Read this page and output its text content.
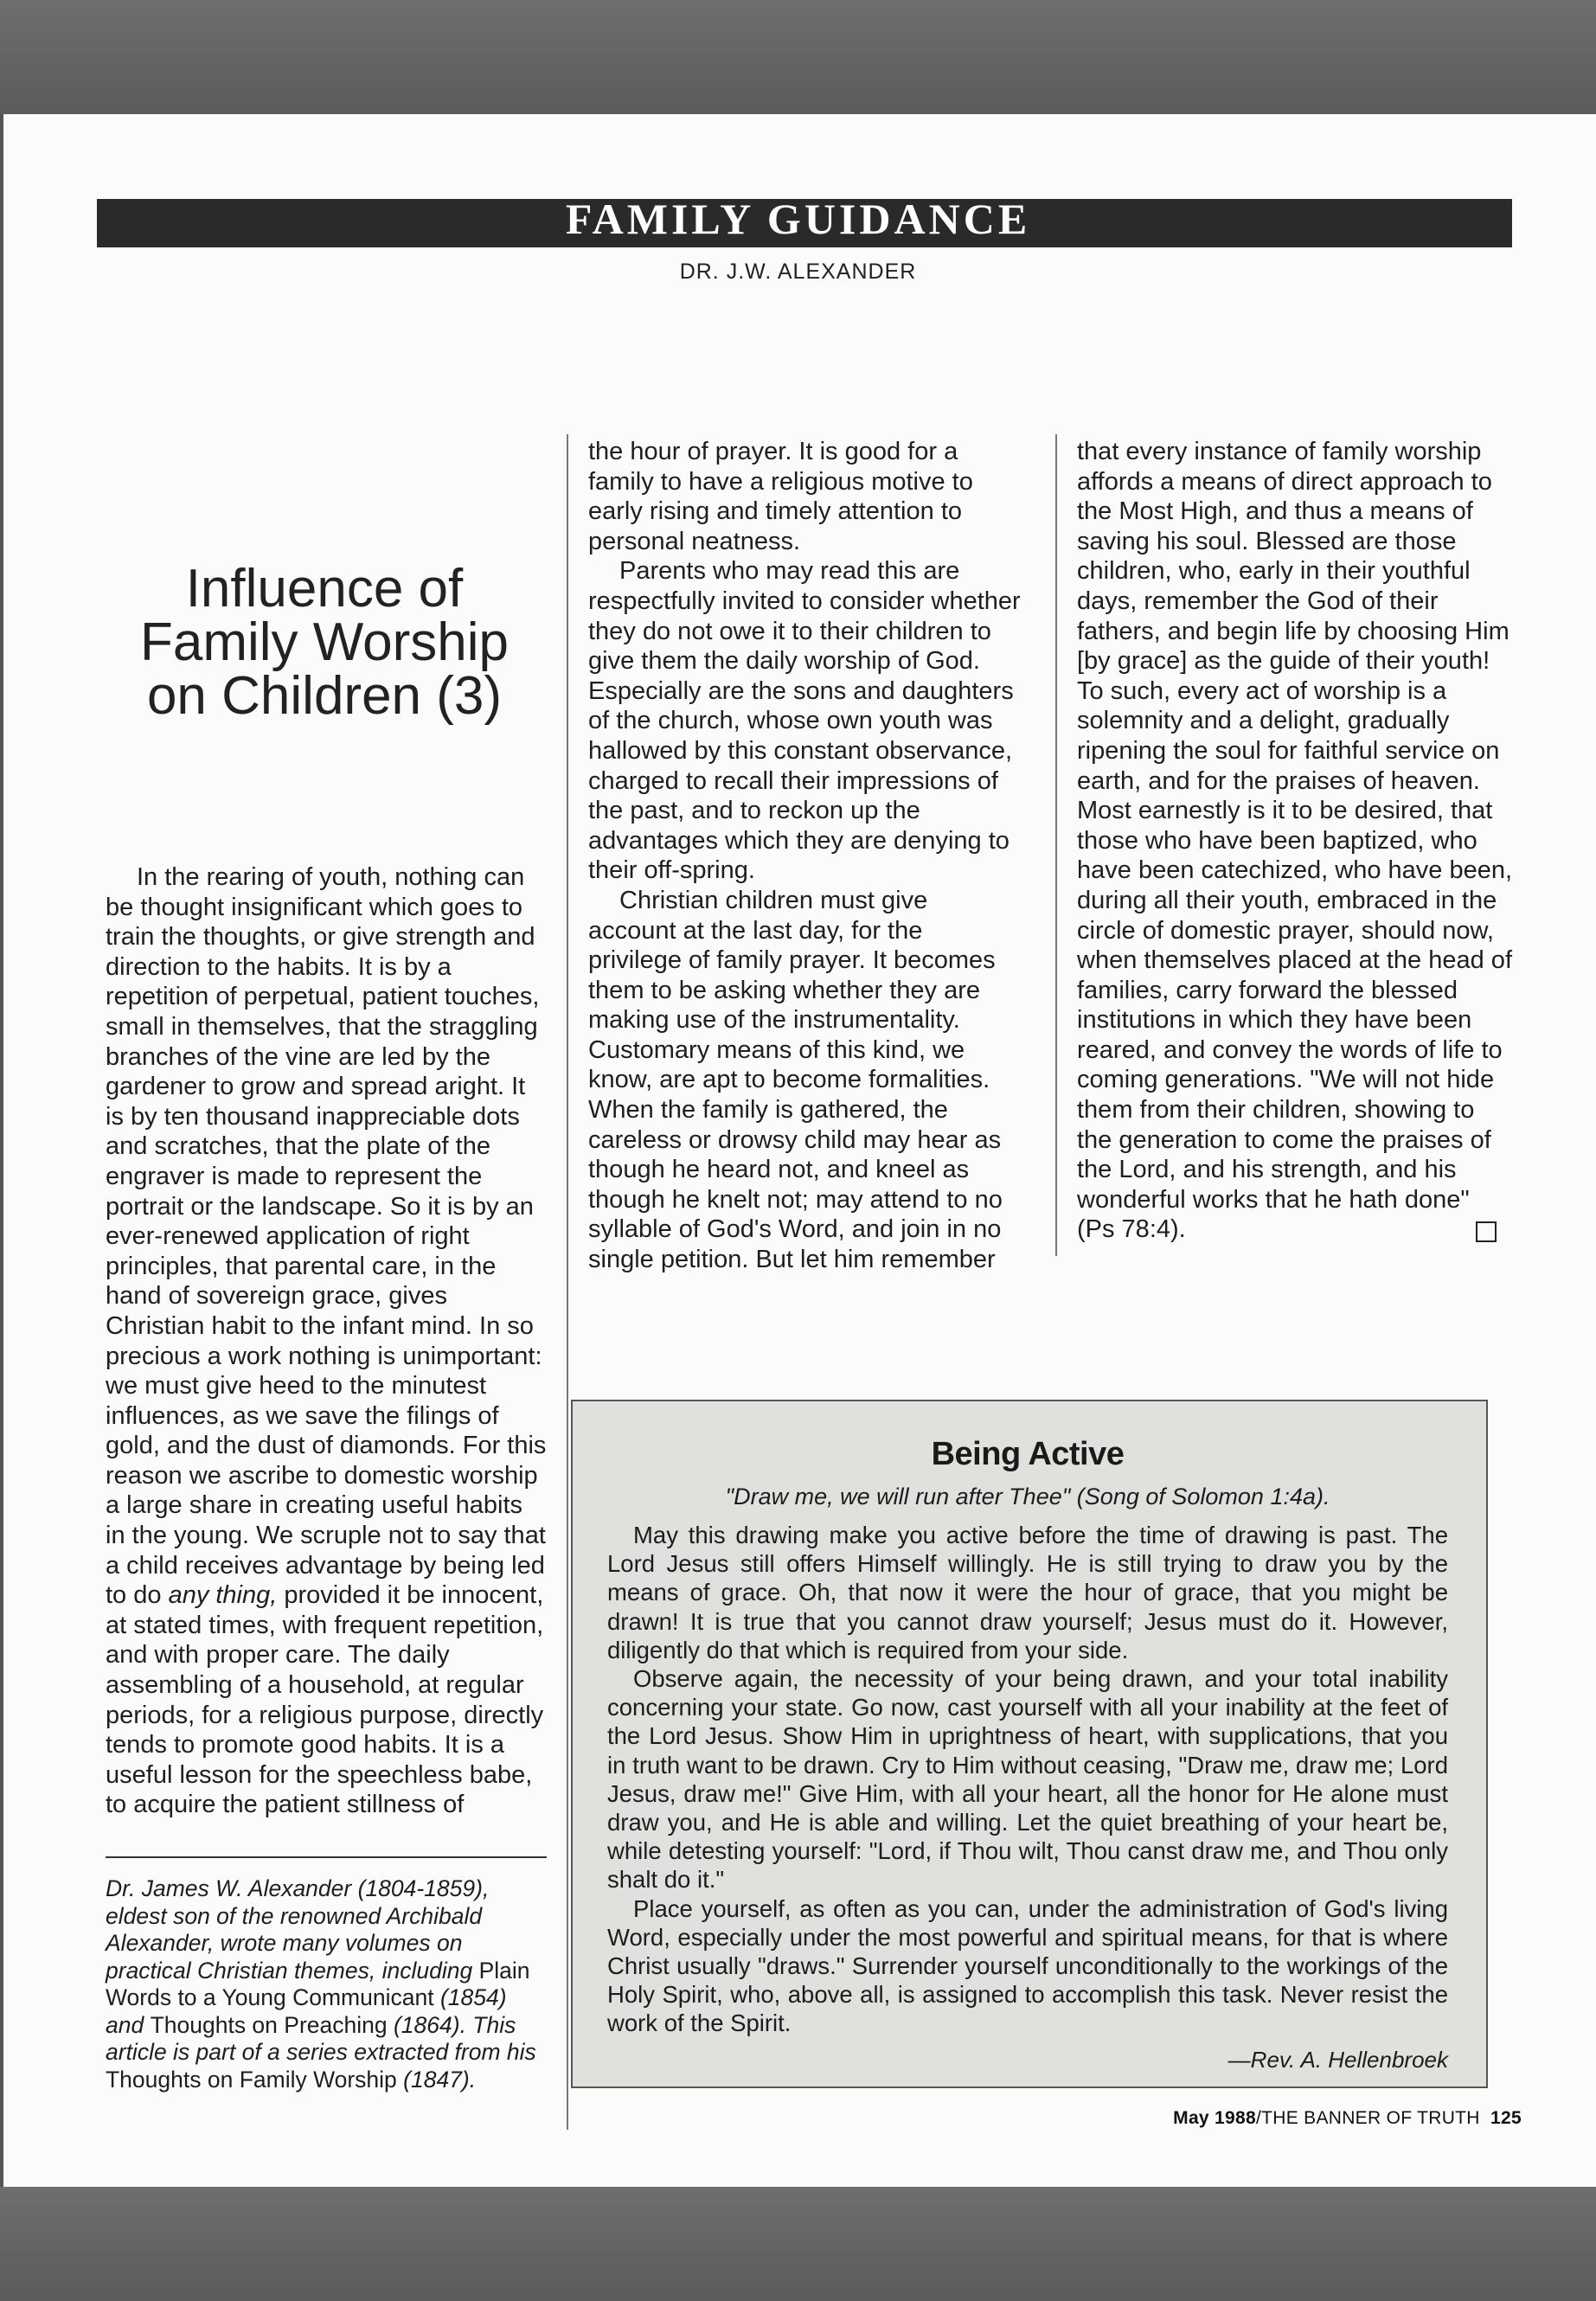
FAMILY GUIDANCE
DR. J.W. ALEXANDER
Influence of Family Worship on Children (3)

In the rearing of youth, nothing can be thought insignificant which goes to train the thoughts, or give strength and direction to the habits. It is by a repetition of perpetual, patient touches, small in themselves, that the straggling branches of the vine are led by the gardener to grow and spread aright. It is by ten thousand inappreciable dots and scratches, that the plate of the engraver is made to represent the portrait or the landscape. So it is by an ever-renewed application of right principles, that parental care, in the hand of sovereign grace, gives Christian habit to the infant mind. In so precious a work nothing is unimportant: we must give heed to the minutest influences, as we save the filings of gold, and the dust of diamonds. For this reason we ascribe to domestic worship a large share in creating useful habits in the young. We scruple not to say that a child receives advantage by being led to do any thing, provided it be innocent, at stated times, with frequent repetition, and with proper care. The daily assembling of a household, at regular periods, for a religious purpose, directly tends to promote good habits. It is a useful lesson for the speechless babe, to acquire the patient stillness of

the hour of prayer. It is good for a family to have a religious motive to early rising and timely attention to personal neatness.

Parents who may read this are respectfully invited to consider whether they do not owe it to their children to give them the daily worship of God. Especially are the sons and daughters of the church, whose own youth was hallowed by this constant observance, charged to recall their impressions of the past, and to reckon up the advantages which they are denying to their off-spring.

Christian children must give account at the last day, for the privilege of family prayer. It becomes them to be asking whether they are making use of the instrumentality. Customary means of this kind, we know, are apt to become formalities. When the family is gathered, the careless or drowsy child may hear as though he heard not, and kneel as though he knelt not; may attend to no syllable of God's Word, and join in no single petition. But let him remember

that every instance of family worship affords a means of direct approach to the Most High, and thus a means of saving his soul. Blessed are those children, who, early in their youthful days, remember the God of their fathers, and begin life by choosing Him [by grace] as the guide of their youth! To such, every act of worship is a solemnity and a delight, gradually ripening the soul for faithful service on earth, and for the praises of heaven. Most earnestly is it to be desired, that those who have been baptized, who have been catechized, who have been, during all their youth, embraced in the circle of domestic prayer, should now, when themselves placed at the head of families, carry forward the blessed institutions in which they have been reared, and convey the words of life to coming generations. "We will not hide them from their children, showing to the generation to come the praises of the Lord, and his strength, and his wonderful works that he hath done" (Ps 78:4).

Dr. James W. Alexander (1804-1859), eldest son of the renowned Archibald Alexander, wrote many volumes on practical Christian themes, including Plain Words to a Young Communicant (1854) and Thoughts on Preaching (1864). This article is part of a series extracted from his Thoughts on Family Worship (1847).
Being Active
"Draw me, we will run after Thee" (Song of Solomon 1:4a).

May this drawing make you active before the time of drawing is past. The Lord Jesus still offers Himself willingly. He is still trying to draw you by the means of grace. Oh, that now it were the hour of grace, that you might be drawn! It is true that you cannot draw yourself; Jesus must do it. However, diligently do that which is required from your side.

Observe again, the necessity of your being drawn, and your total inability concerning your state. Go now, cast yourself with all your inability at the feet of the Lord Jesus. Show Him in uprightness of heart, with supplications, that you in truth want to be drawn. Cry to Him without ceasing, "Draw me, draw me; Lord Jesus, draw me!" Give Him, with all your heart, all the honor for He alone must draw you, and He is able and willing. Let the quiet breathing of your heart be, while detesting yourself: "Lord, if Thou wilt, Thou canst draw me, and Thou only shalt do it."

Place yourself, as often as you can, under the administration of God's living Word, especially under the most powerful and spiritual means, for that is where Christ usually "draws." Surrender yourself unconditionally to the workings of the Holy Spirit, who, above all, is assigned to accomplish this task. Never resist the work of the Spirit.

—Rev. A. Hellenbroek
May 1988/THE BANNER OF TRUTH 125
